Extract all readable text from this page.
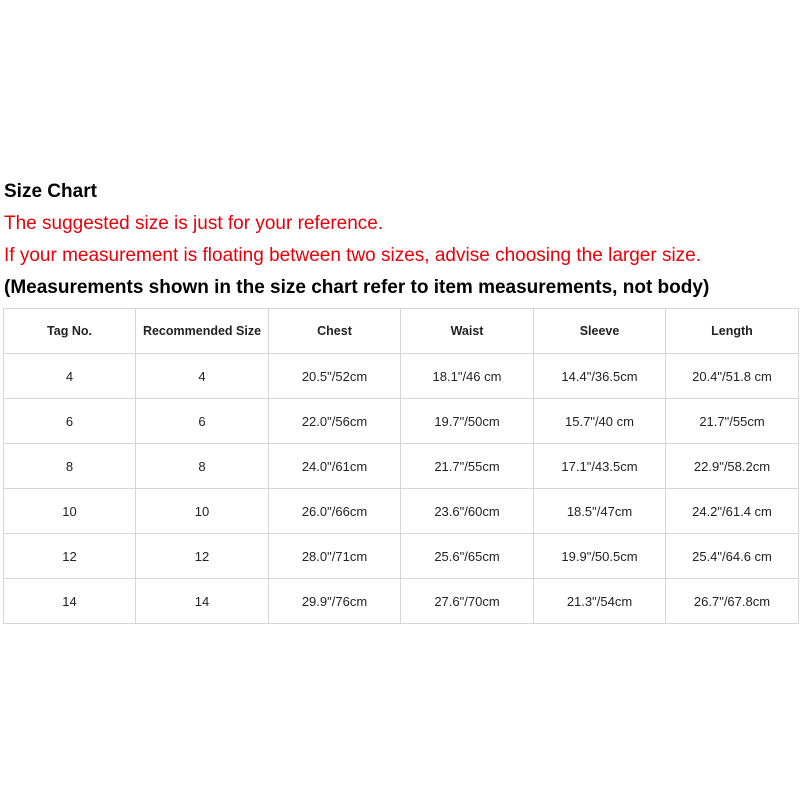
Size Chart
The suggested size is just for your reference.
If your measurement is floating between two sizes, advise choosing the larger size.
(Measurements shown in the size chart refer to item measurements, not body)
Tag No.	Recommended Size	Chest	Waist	Sleeve	Length
4	4	20.5"/52cm	18.1"/46 cm	14.4"/36.5cm	20.4"/51.8 cm
6	6	22.0"/56cm	19.7"/50cm	15.7"/40 cm	21.7"/55cm
8	8	24.0"/61cm	21.7"/55cm	17.1"/43.5cm	22.9"/58.2cm
10	10	26.0"/66cm	23.6"/60cm	18.5"/47cm	24.2"/61.4 cm
12	12	28.0"/71cm	25.6"/65cm	19.9"/50.5cm	25.4"/64.6 cm
14	14	29.9"/76cm	27.6"/70cm	21.3"/54cm	26.7"/67.8cm
